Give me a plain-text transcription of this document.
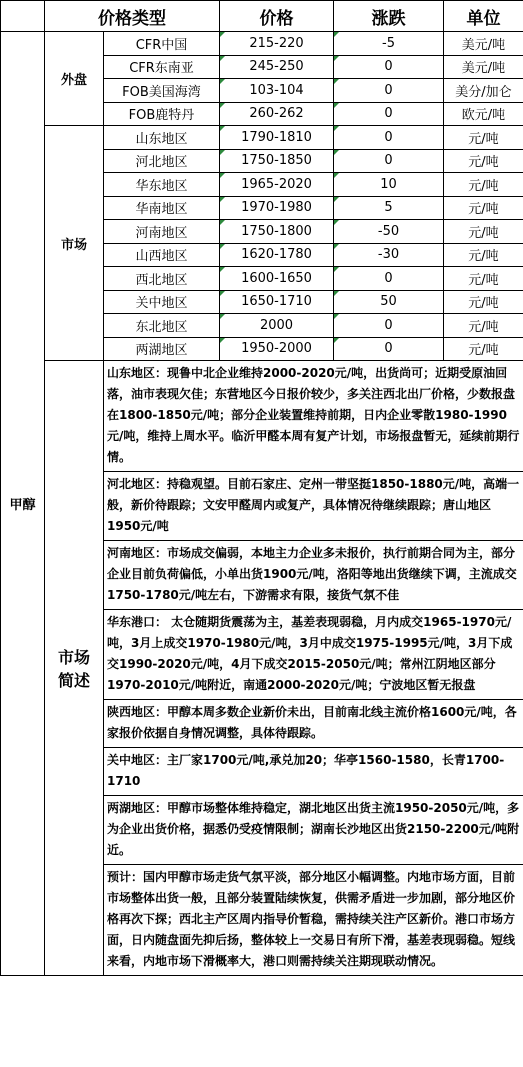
	价格类型		价格	涨跌	单位
甲醇	外盘	CFR中国	215-220	-5	美元/吨
		CFR东南亚	245-250	0	美元/吨
		FOB美国海湾	103-104	0	美分/加仑
		FOB鹿特丹	260-262	0	欧元/吨
	市场	山东地区	1790-1810	0	元/吨
		河北地区	1750-1850	0	元/吨
		华东地区	1965-2020	10	元/吨
		华南地区	1970-1980	5	元/吨
		河南地区	1750-1800	-50	元/吨
		山西地区	1620-1780	-30	元/吨
		西北地区	1600-1650	0	元/吨
		关中地区	1650-1710	50	元/吨
		东北地区	2000	0	元/吨
		两湖地区	1950-2000	0	元/吨

	市场
简述	山东地区：现鲁中北企业维持2000-2020元/吨，出货尚可；近期受原油回落，油市表现欠佳；东营地区今日报价较少，多关注西北出厂价格，少数报盘在1800-1850元/吨；部分企业装置维持前期，日内企业零散1980-1990元/吨，维持上周水平。临沂甲醛本周有复产计划，市场报盘暂无，延续前期行情。			

		河北地区：持稳观望。目前石家庄、定州一带坚挺1850-1880元/吨，高端一般，新价待跟踪；文安甲醛周内或复产，具体情况待继续跟踪；唐山地区1950元/吨			

		河南地区：市场成交偏弱，本地主力企业多未报价，执行前期合同为主，部分企业目前负荷偏低，小单出货1900元/吨，洛阳等地出货继续下调，主流成交1750-1780元/吨左右，下游需求有限，接货气氛不佳			

		华东港口： 太仓随期货震荡为主，基差表现弱稳，月内成交1965-1970元/吨，3月上成交1970-1980元/吨，3月中成交1975-1995元/吨，3月下成交1990-2020元/吨，4月下成交2015-2050元/吨；常州江阴地区部分1970-2010元/吨附近，南通2000-2020元/吨；宁波地区暂无报盘			

		陕西地区：甲醇本周多数企业新价未出，目前南北线主流价格1600元/吨，各家报价依据自身情况调整，具体待跟踪。			

		关中地区：主厂家1700元/吨,承兑加20；华亭1560-1580，长青1700-1710			

		两湖地区：甲醇市场整体维持稳定，湖北地区出货主流1950-2050元/吨，多为企业出货价格，据悉仍受疫情限制；湖南长沙地区出货2150-2200元/吨附近。			

		预计：国内甲醇市场走货气氛平淡，部分地区小幅调整。内地市场方面，目前市场整体出货一般，且部分装置陆续恢复，供需矛盾进一步加剧，部分地区价格再次下探；西北主产区周内指导价暂稳，需持续关注产区新价。港口市场方面，日内随盘面先抑后扬，整体较上一交易日有所下滑，基差表现弱稳。短线来看，内地市场下滑概率大，港口则需持续关注期现联动情况。			
